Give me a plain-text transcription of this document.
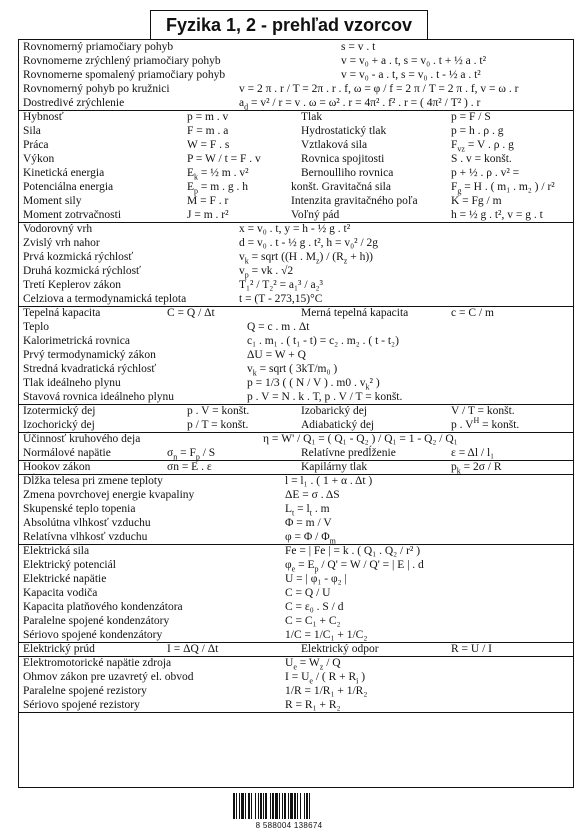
Fyzika 1, 2 - prehľad vzorcov
Rovnomerný priamočiary pohyb	s = v . t
Rovnomerne zrýchlený priamočiary pohyb	v = v₀ + a . t, s = v₀ . t + ½ a . t²
Rovnomerne spomalený priamočiary pohyb	v = v₀ - a . t, s = v₀ . t - ½ a . t²
Rovnomerný pohyb po kružnici	v = 2 π . r / T = 2π . r . f, ω = φ / f = 2 π / T = 2 π . f, v = ω . r
Dostredivé zrýchlenie	$a_d = v^2 / r = v$ . ω = ω² . r = 4π² . f² . r = ( 4π² / T² ) . r
Hybnosť	p = m . v	Tlak	p = F / S
Sila	F = m . a	Hydrostatický tlak	p = h . ρ . g
Práca	W = F . s	Vztlaková sila	$F_{vz} = V$ . ρ . g
Výkon	P = W / t = F . v	Rovnica spojitosti	S . v = konšt.
Kinetická energia	$E_k$ = ½ m . v²	Bernoulliho rovnica	p + ½ . ρ . v² =
Potenciálna energia	$E_p = m$ . g . h	konšt. Gravitačná sila	$F_g = H$ . ( m₁ . m₂ ) / r²
Moment sily	M = F . r	Intenzita gravitačného poľa	K = Fg / m
Moment zotrvačnosti	J = m . r²	Voľný pád	h = ½ g . t², v = g . t
Vodorovný vrh	x = v₀ . t, y = h - ½ g . t²
Zvislý vrh nahor	d = v₀ . t - ½ g . t², h = v₀² / 2g
Prvá kozmická rýchlosť	$v_k$ = sqrt ((H . $M_z) / (R_z + h)$)
Druhá kozmická rýchlosť	$v_p$ = vk . √2
Tretí Keplerov zákon	T₁² / T₂² = a₁³ / a₂³
Celziova a termodynamická teplota	t = (T - 273,15)°C
Tepelná kapacita	C = Q / Δt	Merná tepelná kapacita	c = C / m
Teplo	Q = c . m . Δt
Kalorimetrická rovnica	c₁ . m₁ . ( t₁ - t) = c₂ . m₂ . ( t - t₂)
Prvý termodynamický zákon	ΔU = W + Q
Stredná kvadratická rýchlosť	$v_k$ = sqrt ( 3kT/m₀ )
Tlak ideálneho plynu	p = 1/3 ( ( N / V ) . m0 . $v_k^2$ )
Stavová rovnica ideálneho plynu	p . V = N . k . T, p . V / T = konšt.
Izotermický dej	p . V = konšt.	Izobarický dej	V / T = konšt.
Izochorický dej	p / T = konšt.	Adiabatický dej	p . $V^H$ = konšt.
Účinnosť kruhového deja	η = W' / Q₁ = ( Q₁ - Q₂ ) / Q₁ = 1 - Q₂ / Q₁
Normálové napätie	$\sigma_n = F_p / S$	Relatívne predĺženie	ε = Δl / l₁
Hookov zákon	σn = E . ε	Kapilárny tlak	$p_k = 2\sigma / R$
Dĺžka telesa pri zmene teploty	l = l₁ . ( 1 + α . Δt )
Zmena povrchovej energie kvapaliny	ΔE = σ . ΔS
Skupenské teplo topenia	$L_t = l_t$ . m
Absolútna vlhkosť vzduchu	Φ = m / V
Relatívna vlhkosť vzduchu	$\varphi = \Phi / \Phi_m$
Elektrická sila	Fe = | Fe | = k . ( Q₁ . Q₂ / r² )
Elektrický potenciál	$\varphi_e = E_p / Q' = W / Q'$ = | E | . d
Elektrické napätie	U = | φ₁ - φ₂ |
Kapacita vodiča	C = Q / U
Kapacita platňového kondenzátora	C = ε₀ . S / d
Paralelne spojené kondenzátory	C = C₁ + C₂
Sériovo spojené kondenzátory	1/C = 1/C₁ + 1/C₂
Elektrický prúd	I = ΔQ / Δt	Elektrický odpor	R = U / I
Elektromotorické napätie zdroja	$U_e = W_z / Q$
Ohmov zákon pre uzavretý el. obvod	$I = U_e$ / ( $R + R_i$ )
Paralelne spojené rezistory	1/R = 1/R₁ + 1/R₂
Sériovo spojené rezistory	R = R₁ + R₂
8 588004 138674
